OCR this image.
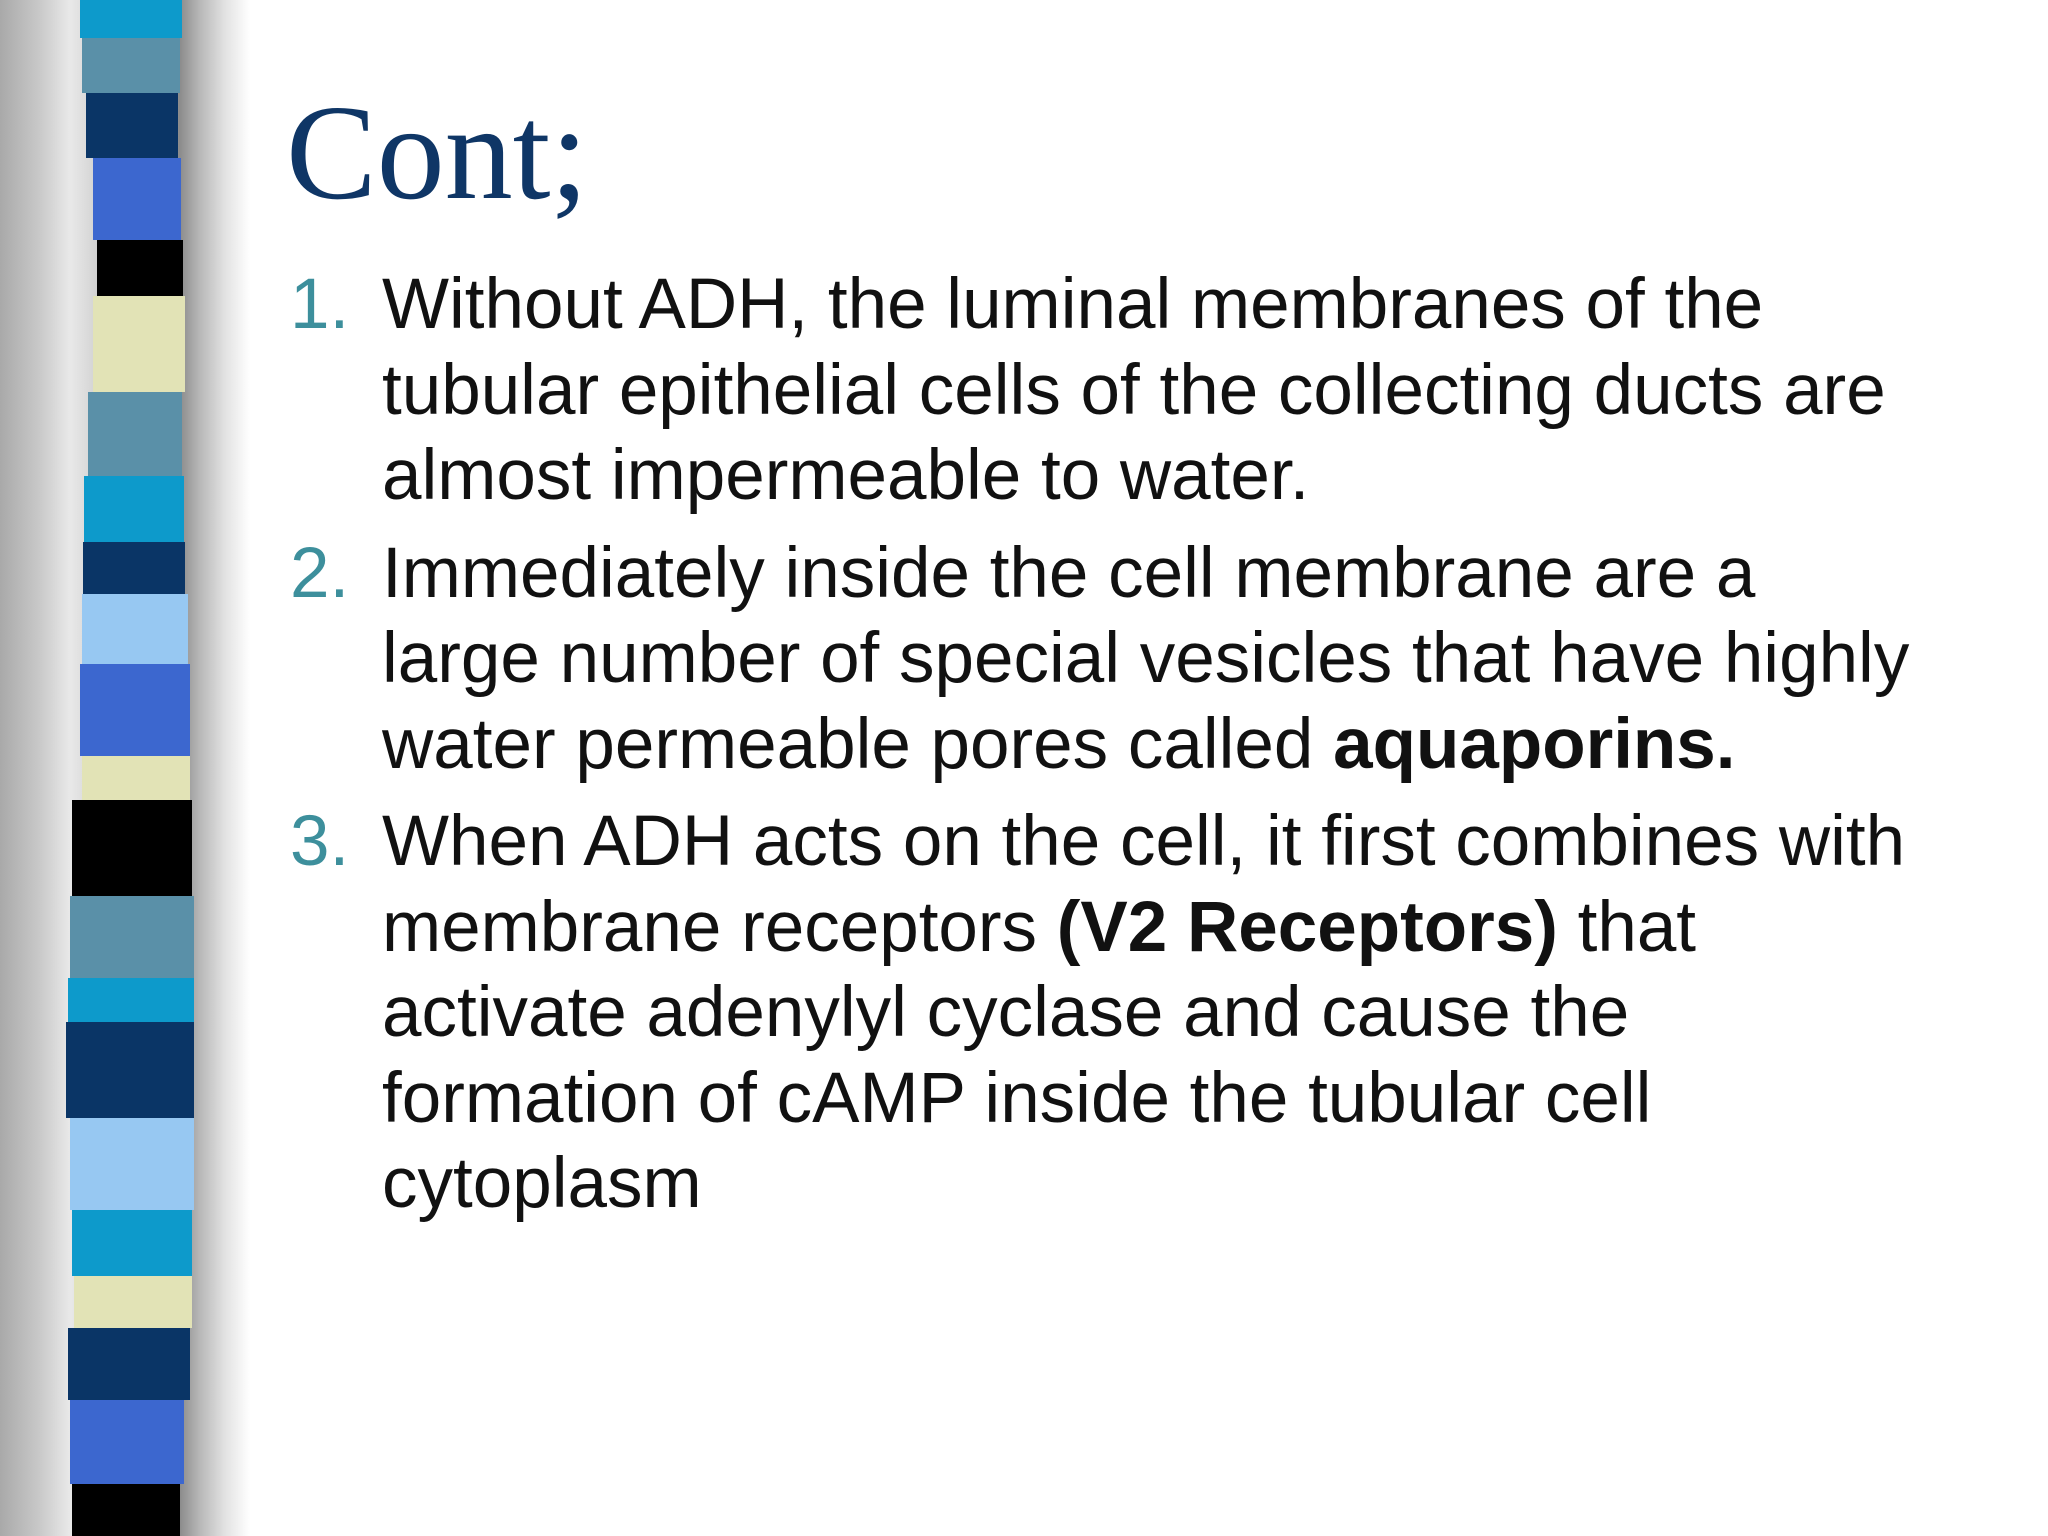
Cont;
1. Without ADH, the luminal membranes of the tubular epithelial cells of the collecting ducts are almost impermeable to water.
2. Immediately inside the cell membrane are a large number of special vesicles that have highly water permeable pores called aquaporins.
3. When ADH acts on the cell, it first combines with membrane receptors (V2 Receptors) that activate adenylyl cyclase and cause the formation of cAMP inside the tubular cell cytoplasm
